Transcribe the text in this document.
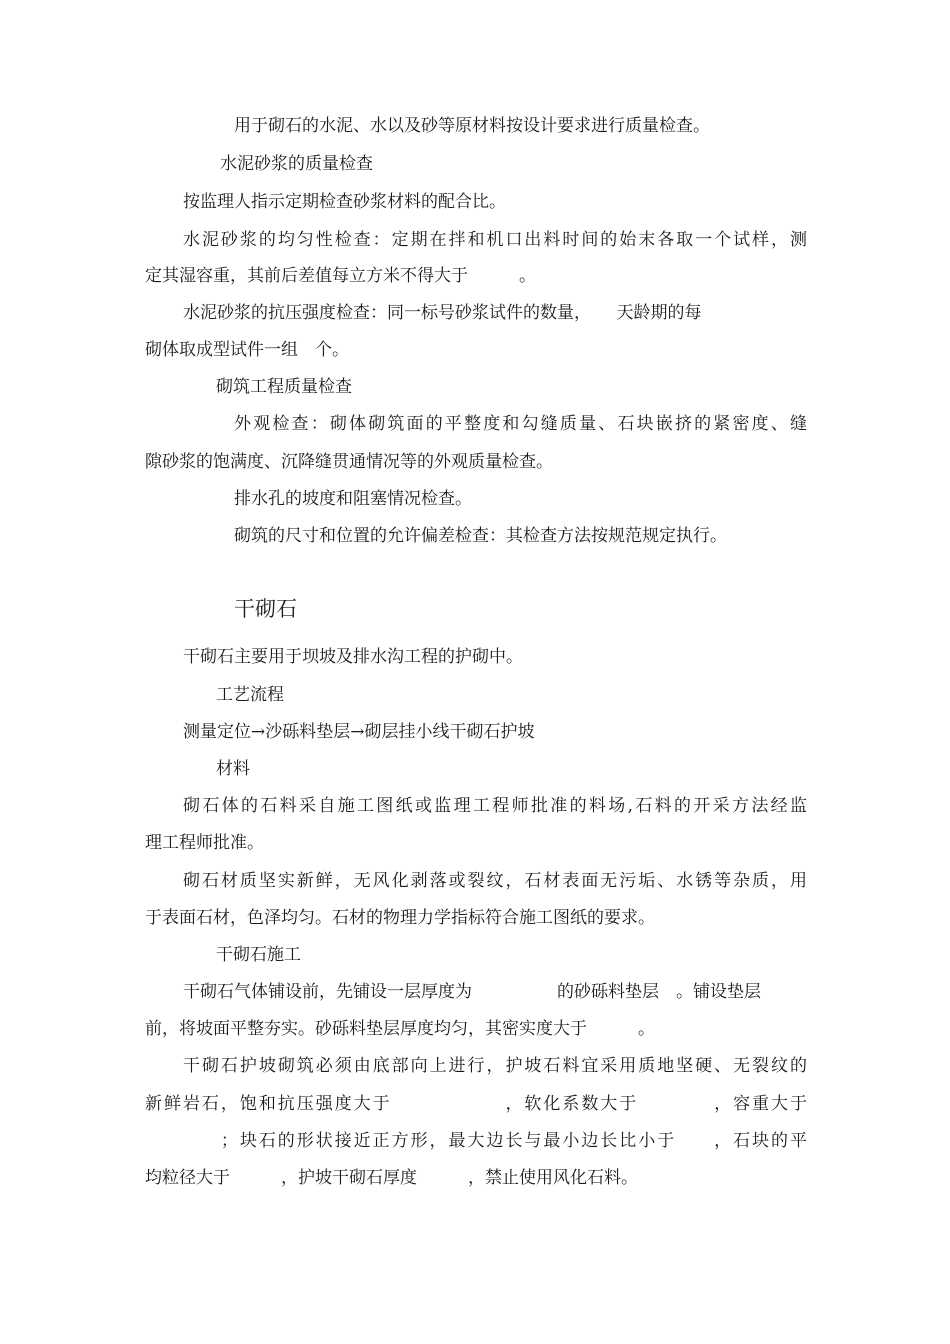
用于砌石的水泥、水以及砂等原材料按设计要求进行质量检查。

水泥砂浆的质量检查

按监理人指示定期检查砂浆材料的配合比。

水泥砂浆的均匀性检查：定期在拌和机口出料时间的始末各取一个试样，测

定其湿容重，其前后差值每立方米不得大于　　　。

水泥砂浆的抗压强度检查：同一标号砂浆试件的数量，　　天龄期的每

砌体取成型试件一组　个。

砌筑工程质量检查

外观检查：砌体砌筑面的平整度和勾缝质量、石块嵌挤的紧密度、缝

隙砂浆的饱满度、沉降缝贯通情况等的外观质量检查。

排水孔的坡度和阻塞情况检查。

砌筑的尺寸和位置的允许偏差检查：其检查方法按规范规定执行。

干砌石

干砌石主要用于坝坡及排水沟工程的护砌中。

工艺流程

测量定位→沙砾料垫层→砌层挂小线干砌石护坡

材料

砌石体的石料采自施工图纸或监理工程师批准的料场,石料的开采方法经监

理工程师批准。

砌石材质坚实新鲜，无风化剥落或裂纹，石材表面无污垢、水锈等杂质，用

于表面石材，色泽均匀。石材的物理力学指标符合施工图纸的要求。

干砌石施工

干砌石气体铺设前，先铺设一层厚度为　　　　　的砂砾料垫层　。铺设垫层

前，将坡面平整夯实。砂砾料垫层厚度均匀，其密实度大于　　　。

干砌石护坡砌筑必须由底部向上进行，护坡石料宜采用质地坚硬、无裂纹的

新鲜岩石，饱和抗压强度大于　　　　　　，软化系数大于　　　　，容重大于

　　　　；块石的形状接近正方形，最大边长与最小边长比小于　　，石块的平

均粒径大于　　　，护坡干砌石厚度　　　，禁止使用风化石料。
